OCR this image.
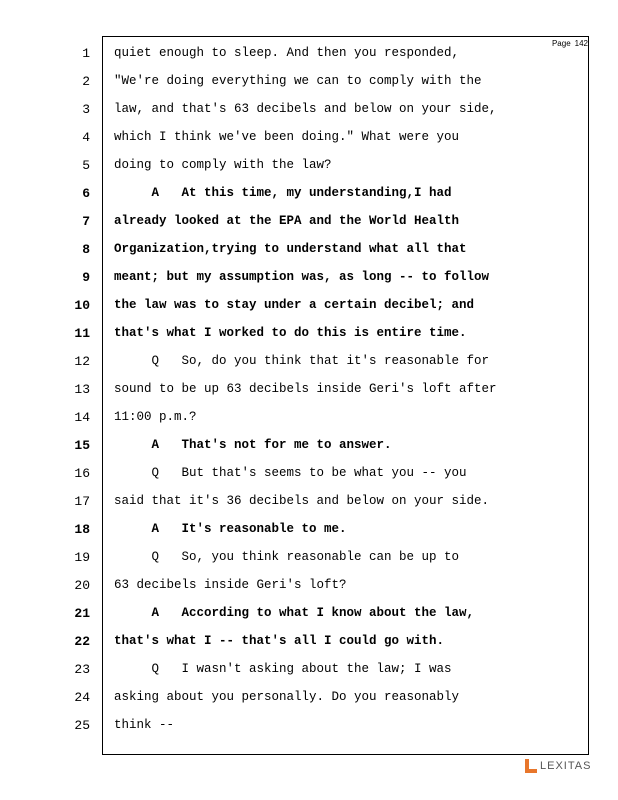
Page 142
1 quiet enough to sleep. And then you responded,
2 "We're doing everything we can to comply with the
3 law, and that's 63 decibels and below on your side,
4 which I think we've been doing." What were you
5 doing to comply with the law?
6 A   At this time, my understanding,I had
7 already looked at the EPA and the World Health
8 Organization,trying to understand what all that
9 meant; but my assumption was, as long -- to follow
10 the law was to stay under a certain decibel; and
11 that's what I worked to do this is entire time.
12 Q   So, do you think that it's reasonable for
13 sound to be up 63 decibels inside Geri's loft after
14 11:00 p.m.?
15 A   That's not for me to answer.
16 Q   But that's seems to be what you -- you
17 said that it's 36 decibels and below on your side.
18 A   It's reasonable to me.
19 Q   So, you think reasonable can be up to
20 63 decibels inside Geri's loft?
21 A   According to what I know about the law,
22 that's what I -- that's all I could go with.
23 Q   I wasn't asking about the law; I was
24 asking about you personally. Do you reasonably
25 think --
LEXITAS
